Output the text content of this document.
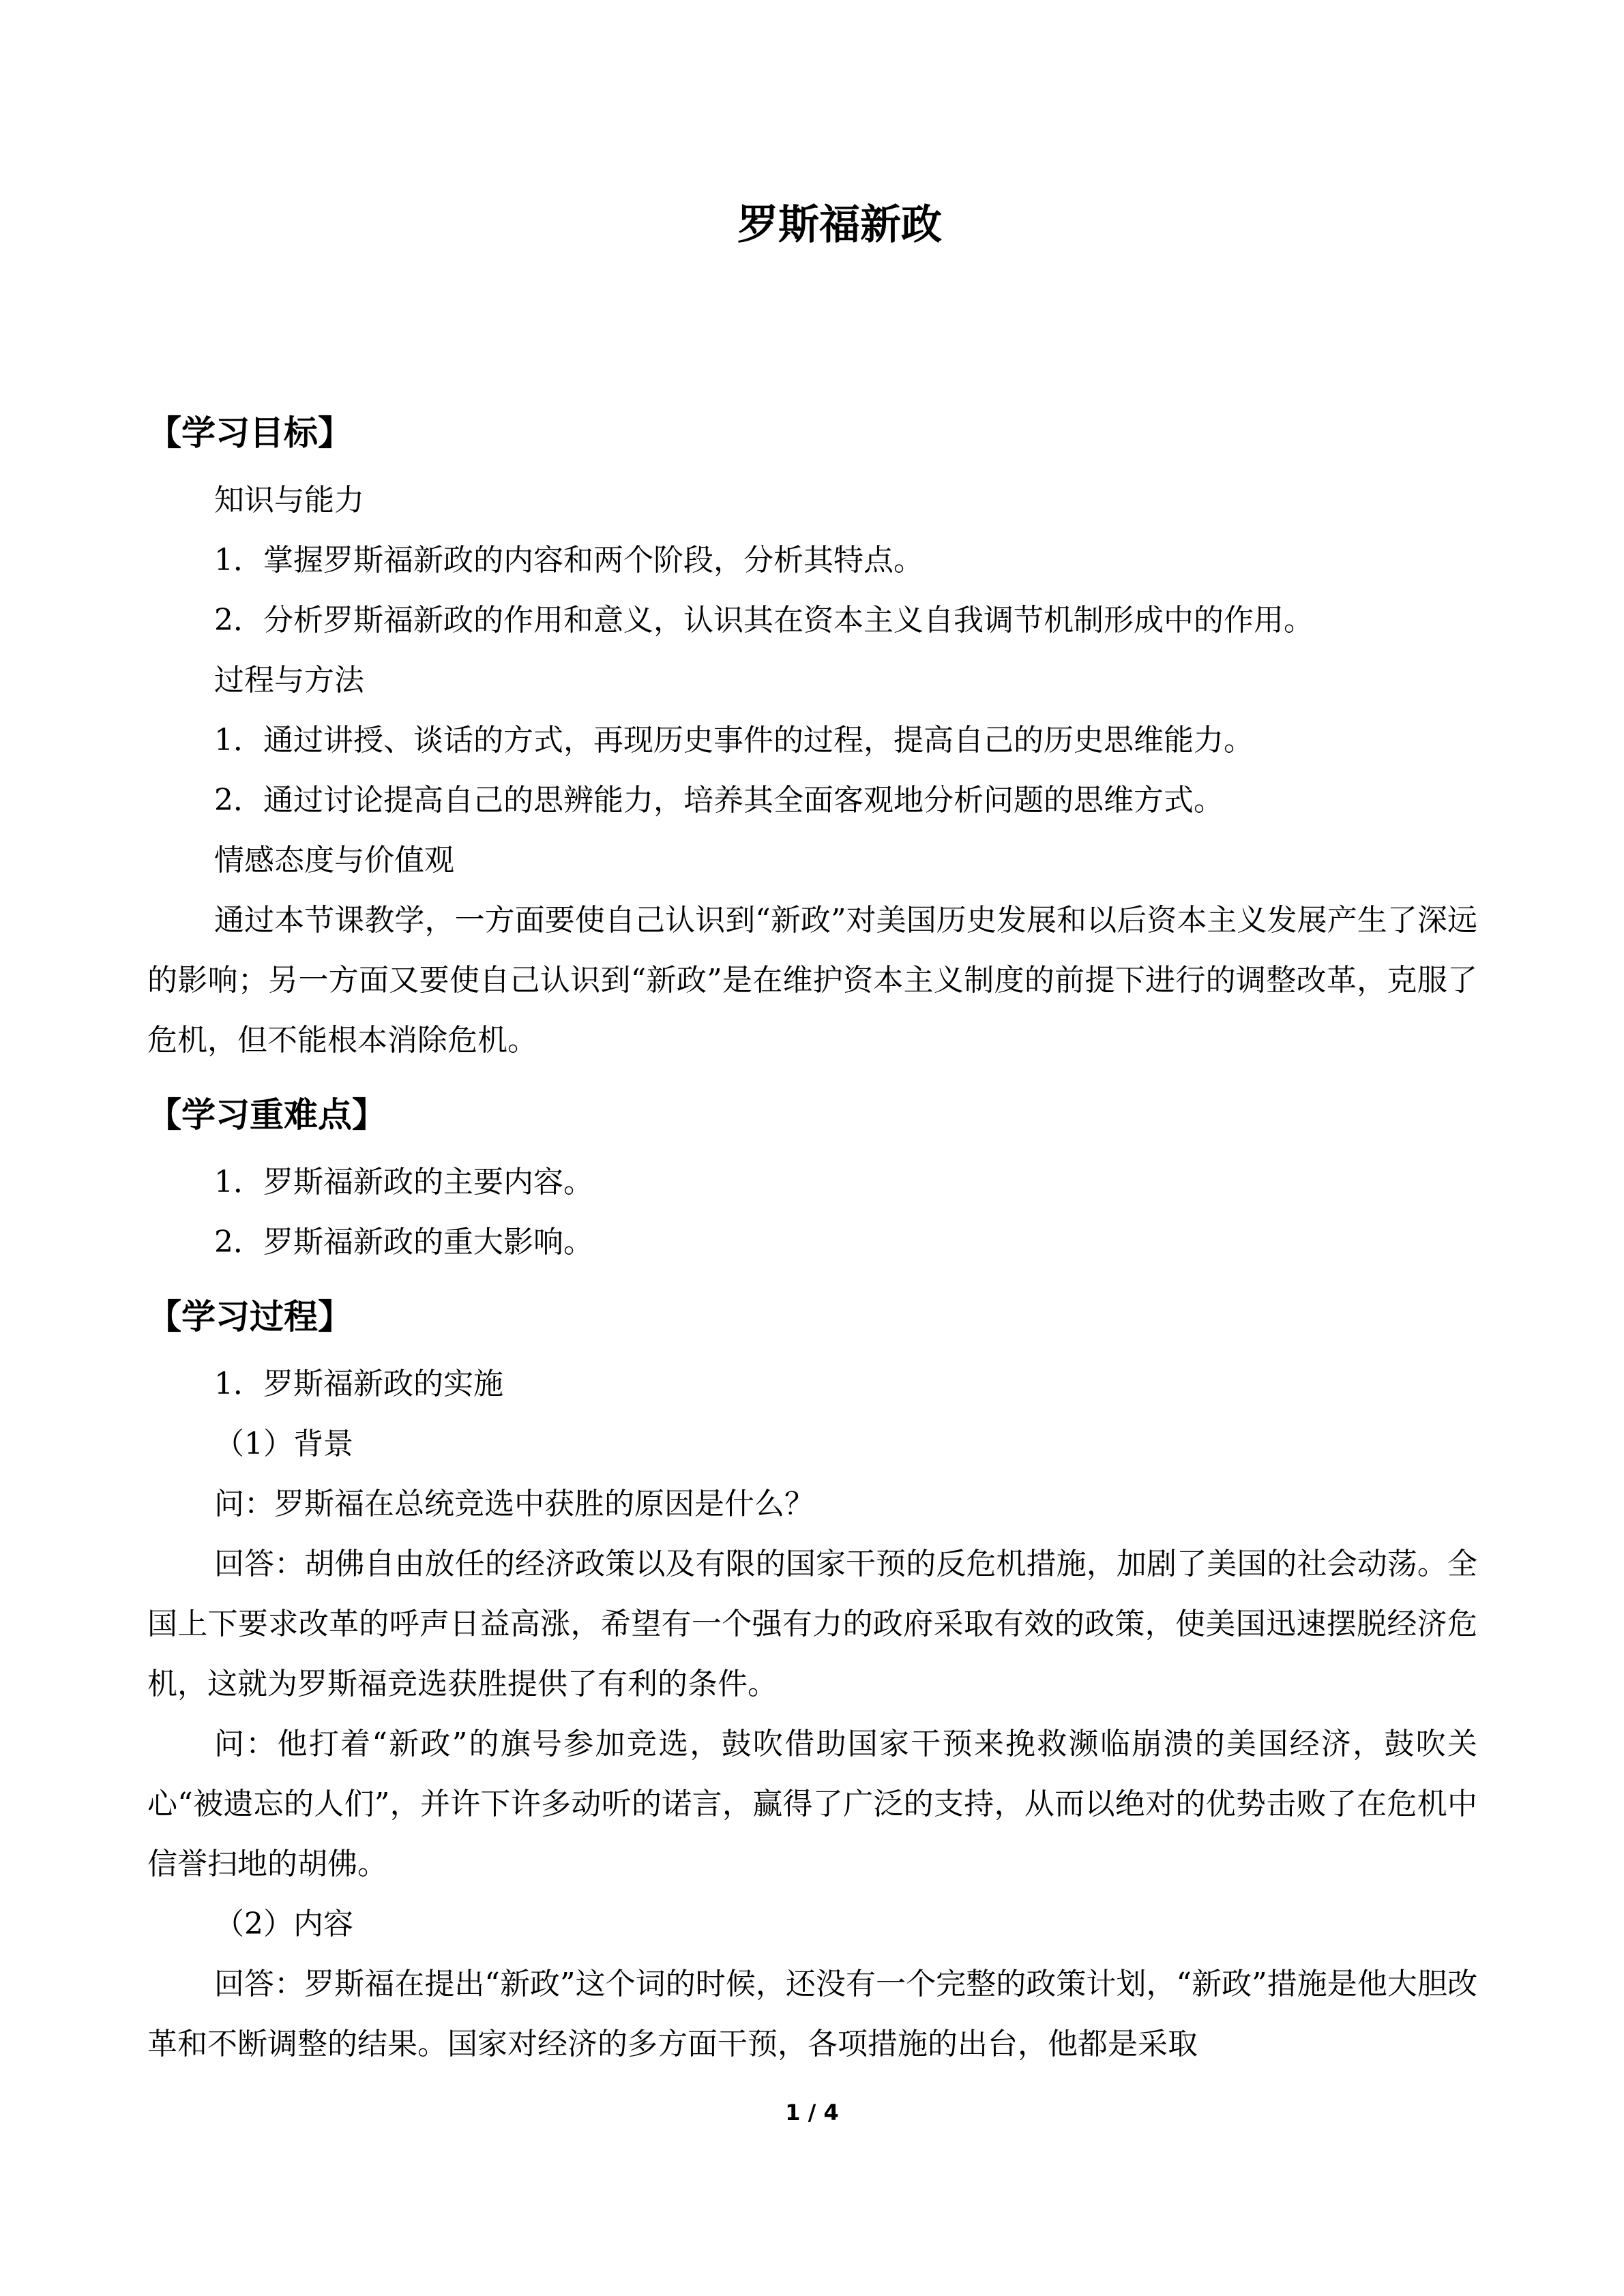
罗斯福新政
【学习目标】

知识与能力

1．掌握罗斯福新政的内容和两个阶段，分析其特点。

2．分析罗斯福新政的作用和意义，认识其在资本主义自我调节机制形成中的作用。

过程与方法

1．通过讲授、谈话的方式，再现历史事件的过程，提高自己的历史思维能力。

2．通过讨论提高自己的思辨能力，培养其全面客观地分析问题的思维方式。

情感态度与价值观

通过本节课教学，一方面要使自己认识到“新政”对美国历史发展和以后资本主义发展产生了深远的影响；另一方面又要使自己认识到“新政”是在维护资本主义制度的前提下进行的调整改革，克服了危机，但不能根本消除危机。

【学习重难点】

1．罗斯福新政的主要内容。

2．罗斯福新政的重大影响。

【学习过程】

1．罗斯福新政的实施

（1）背景

问：罗斯福在总统竞选中获胜的原因是什么？

回答：胡佛自由放任的经济政策以及有限的国家干预的反危机措施，加剧了美国的社会动荡。全国上下要求改革的呼声日益高涨，希望有一个强有力的政府采取有效的政策，使美国迅速摆脱经济危机，这就为罗斯福竞选获胜提供了有利的条件。

问：他打着“新政”的旗号参加竞选，鼓吹借助国家干预来挽救濒临崩溃的美国经济，鼓吹关心“被遗忘的人们”，并许下许多动听的诺言，赢得了广泛的支持，从而以绝对的优势击败了在危机中信誉扫地的胡佛。

（2）内容

回答：罗斯福在提出“新政”这个词的时候，还没有一个完整的政策计划，“新政”措施是他大胆改革和不断调整的结果。国家对经济的多方面干预，各项措施的出台，他都是采取

1 / 4
